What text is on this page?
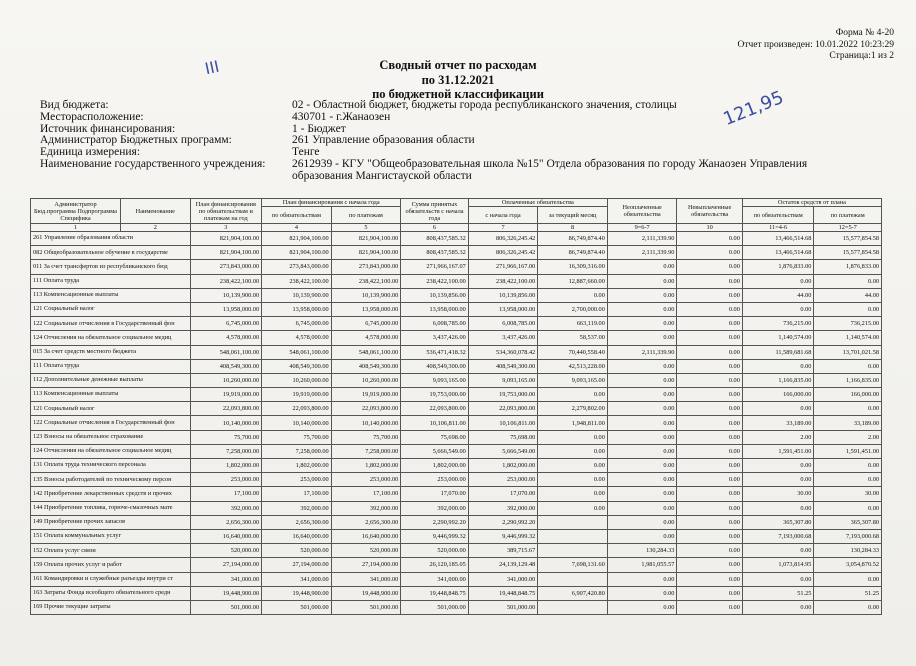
Форма № 4-20
Отчет произведен: 10.01.2022 10:23:29
Страница:1 из 2
III
121,95
Сводный отчет по расходам
по 31.12.2021
по бюджетной классификации
Вид бюджета:	02 - Областной бюджет, бюджеты города республиканского значения, столицы
Месторасположение:	430701 - г.Жанаозен
Источник финансирования:	1 - Бюджет
Администратор Бюджетных программ:	261 Управление образования области
Единица измерения:	Тенге
Наименование государственного учреждения:	2612939 - КГУ "Общеобразовательная школа №15" Отдела образования по городу Жанаозен Управления образования Мангистауской области
Администратор Бюд.программа Подпрограмма Специфика	Наименование	План финансирования по обязательствам и платежам на год	План финансирования с начала года		Сумма принятых обязательств с начала года	Оплаченные обязательства		Неоплаченные обязательства	Невыплаченные обязательства	Остаток средств от плана	
			по обязательствам	по платежам		с начала года	за текущий месяц			по обязательствам	по платежам
1	2	3	4	5	6	7	8	9=6-7	10	11=4-6	12=5-7
261 Управление образования области		821,904,100.00	821,904,100.00	821,904,100.00	808,437,585.32	806,326,245.42	86,749,874.40	2,111,339.90	0.00	13,466,514.68	15,577,854.58
082 Общеобразовательное обучение в государстве		821,904,100.00	821,904,100.00	821,904,100.00	808,437,585.32	806,326,245.42	86,749,874.40	2,111,339.90	0.00	13,466,514.68	15,577,854.58
011 За счет трансфертов из республиканского бюд		273,843,000.00	273,843,000.00	273,843,000.00	271,966,167.07	271,966,167.00	16,309,316.00	0.00	0.00	1,876,833.00	1,876,833.00
111 Оплата труда		238,422,100.00	238,422,100.00	238,422,100.00	238,422,100.00	238,422,100.00	12,887,660.00	0.00	0.00	0.00	0.00
113 Компенсационные выплаты		10,139,900.00	10,139,900.00	10,139,900.00	10,139,856.00	10,139,856.00	0.00	0.00	0.00	44.00	44.00
121 Социальный налог		13,958,000.00	13,958,000.00	13,958,000.00	13,958,000.00	13,958,000.00	2,700,000.00	0.00	0.00	0.00	0.00
122 Социальные отчисления в Государственный фон		6,745,000.00	6,745,000.00	6,745,000.00	6,008,785.00	6,008,785.00	663,119.00	0.00	0.00	736,215.00	736,215.00
124 Отчисления на обязательное социальное медиц		4,578,000.00	4,578,000.00	4,578,000.00	3,437,426.00	3,437,426.00	58,537.00	0.00	0.00	1,140,574.00	1,140,574.00
015 За счет средств местного бюджета		548,061,100.00	548,061,100.00	548,061,100.00	536,471,418.32	534,360,078.42	70,440,558.40	2,111,339.90	0.00	11,589,681.68	13,701,021.58
111 Оплата труда		408,549,300.00	408,549,300.00	408,549,300.00	408,549,300.00	408,549,300.00	42,513,228.00	0.00	0.00	0.00	0.00
112 Дополнительные денежные выплаты		10,260,000.00	10,260,000.00	10,260,000.00	9,093,165.00	9,093,165.00	9,093,165.00	0.00	0.00	1,166,835.00	1,166,835.00
113 Компенсационные выплаты		19,919,000.00	19,919,000.00	19,919,000.00	19,753,000.00	19,753,000.00	0.00	0.00	0.00	166,000.00	166,000.00
121 Социальный налог		22,093,800.00	22,093,800.00	22,093,800.00	22,093,800.00	22,093,800.00	2,279,802.00	0.00	0.00	0.00	0.00
122 Социальные отчисления в Государственный фон		10,140,000.00	10,140,000.00	10,140,000.00	10,106,811.00	10,106,811.00	1,948,811.00	0.00	0.00	33,189.00	33,189.00
123 Взносы на обязательное страхование		75,700.00	75,700.00	75,700.00	75,698.00	75,698.00	0.00	0.00	0.00	2.00	2.00
124 Отчисления на обязательное социальное медиц		7,258,000.00	7,258,000.00	7,258,000.00	5,666,549.00	5,666,549.00	0.00	0.00	0.00	1,591,451.00	1,591,451.00
131 Оплата труда технического персонала		1,802,000.00	1,802,000.00	1,802,000.00	1,802,000.00	1,802,000.00	0.00	0.00	0.00	0.00	0.00
135 Взносы работодателей по техническому персон		253,000.00	253,000.00	253,000.00	253,000.00	253,000.00	0.00	0.00	0.00	0.00	0.00
142 Приобретение лекарственных средств и прочих		17,100.00	17,100.00	17,100.00	17,070.00	17,070.00	0.00	0.00	0.00	30.00	30.00
144 Приобретение топлива, горюче-смазочных мате		392,000.00	392,000.00	392,000.00	392,000.00	392,000.00	0.00	0.00	0.00	0.00	0.00
149 Приобретение прочих запасов		2,656,300.00	2,656,300.00	2,656,300.00	2,290,992.20	2,290,992.20		0.00	0.00	365,307.80	365,307.80
151 Оплата коммунальных услуг		16,640,000.00	16,640,000.00	16,640,000.00	9,446,999.32	9,446,999.32		0.00	0.00	7,193,000.68	7,193,000.68
152 Оплата услуг связи		520,000.00	520,000.00	520,000.00	520,000.00	389,715.67		130,284.33	0.00	0.00	130,284.33
159 Оплата прочих услуг и работ		27,194,000.00	27,194,000.00	27,194,000.00	26,120,185.05	24,139,129.48	7,698,131.60	1,981,055.57	0.00	1,073,814.95	3,054,870.52
161 Командировки и служебные разъезды внутри ст		341,000.00	341,000.00	341,000.00	341,000.00	341,000.00		0.00	0.00	0.00	0.00
163 Затраты Фонда всеобщего обязательного средн		19,448,900.00	19,448,900.00	19,448,900.00	19,448,848.75	19,448,848.75	6,907,420.80	0.00	0.00	51.25	51.25
169 Прочие текущие затраты		501,000.00	501,000.00	501,000.00	501,000.00	501,000.00		0.00	0.00	0.00	0.00
